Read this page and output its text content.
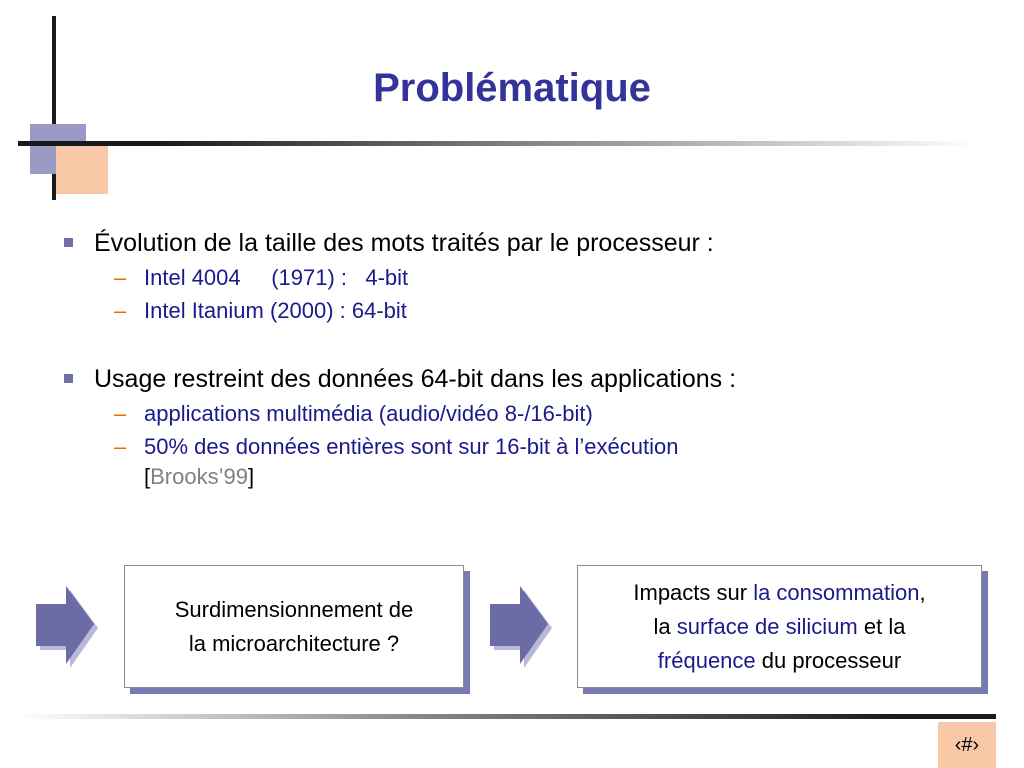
Problématique
Évolution de la taille des mots traités par le processeur :
– Intel 4004     (1971) :   4-bit
– Intel Itanium (2000) : 64-bit
Usage restreint des données 64-bit dans les applications :
– applications multimédia (audio/vidéo 8-/16-bit)
– 50% des données entières sont sur 16-bit à l’exécution
[Brooks’99]
Surdimensionnement de
la microarchitecture ?
Impacts sur la consommation,
la surface de silicium et la
fréquence du processeur
‹#›
